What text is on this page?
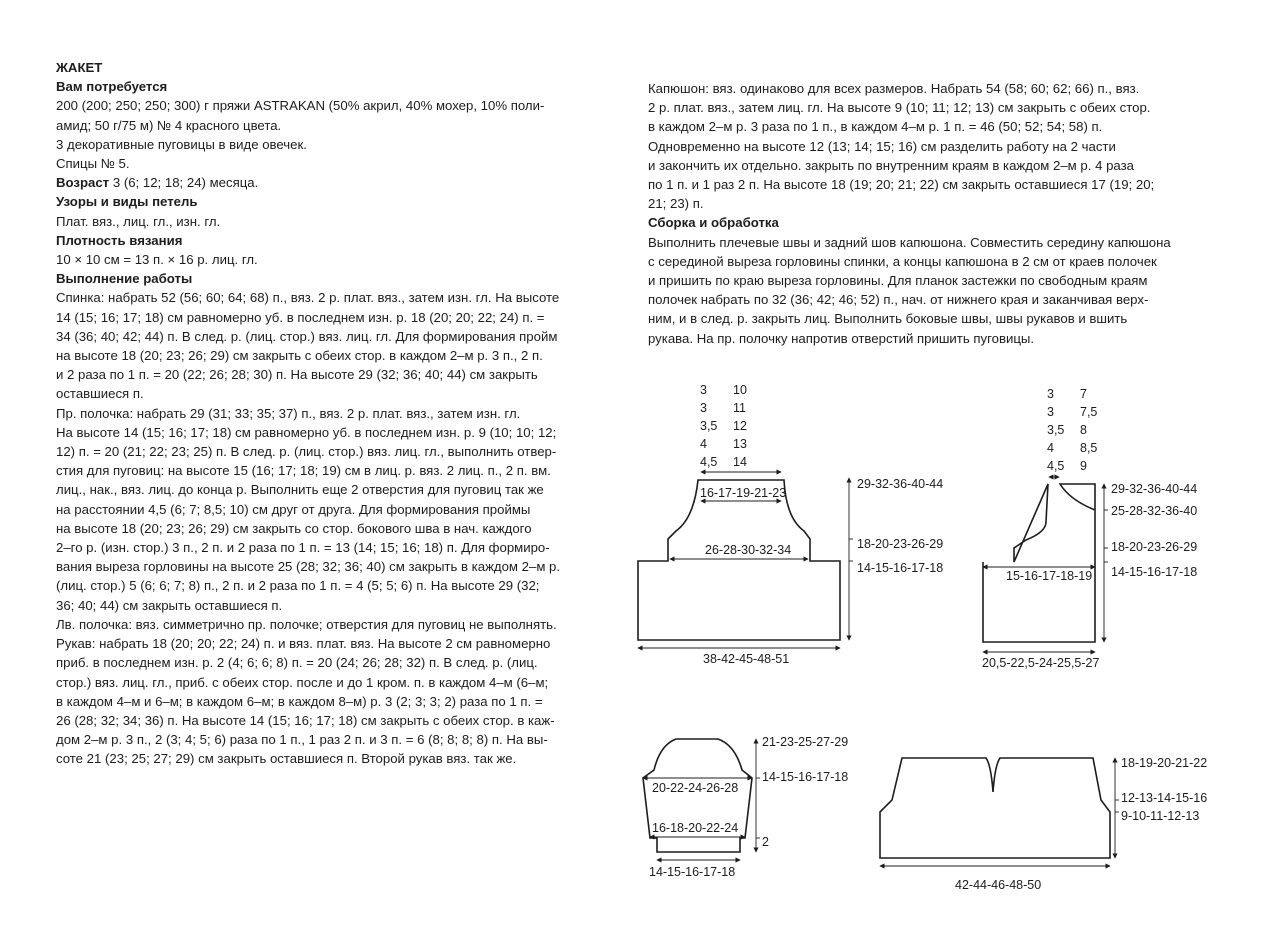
ЖАКЕТ

Вам потребуется

200 (200; 250; 250; 300) г пряжи ASTRAKAN (50% акрил, 40% мохер, 10% поли-

амид; 50 г/75 м) № 4 красного цвета.

3 декоративные пуговицы в виде овечек.

Спицы № 5.

Возраст 3 (6; 12; 18; 24) месяца.

Узоры и виды петель

Плат. вяз., лиц. гл., изн. гл.

Плотность вязания

10 × 10 см = 13 п. × 16 р. лиц. гл.

Выполнение работы

Спинка: набрать 52 (56; 60; 64; 68) п., вяз. 2 р. плат. вяз., затем изн. гл. На высоте

14 (15; 16; 17; 18) см равномерно уб. в последнем изн. р. 18 (20; 20; 22; 24) п. =

34 (36; 40; 42; 44) п. В след. р. (лиц. стор.) вяз. лиц. гл. Для формирования пройм

на высоте 18 (20; 23; 26; 29) см закрыть с обеих стор. в каждом 2–м р. 3 п., 2 п.

и 2 раза по 1 п. = 20 (22; 26; 28; 30) п. На высоте 29 (32; 36; 40; 44) см закрыть

оставшиеся п.

Пр. полочка: набрать 29 (31; 33; 35; 37) п., вяз. 2 р. плат. вяз., затем изн. гл.

На высоте 14 (15; 16; 17; 18) см равномерно уб. в последнем изн. р. 9 (10; 10; 12;

12) п. = 20 (21; 22; 23; 25) п. В след. р. (лиц. стор.) вяз. лиц. гл., выполнить отвер-

стия для пуговиц: на высоте 15 (16; 17; 18; 19) см в лиц. р. вяз. 2 лиц. п., 2 п. вм.

лиц., нак., вяз. лиц. до конца р. Выполнить еще 2 отверстия для пуговиц так же

на расстоянии 4,5 (6; 7; 8,5; 10) см друг от друга. Для формирования проймы

на высоте 18 (20; 23; 26; 29) см закрыть со стор. бокового шва в нач. каждого

2–го р. (изн. стор.) 3 п., 2 п. и 2 раза по 1 п. = 13 (14; 15; 16; 18) п. Для формиро-

вания выреза горловины на высоте 25 (28; 32; 36; 40) см закрыть в каждом 2–м р.

(лиц. стор.) 5 (6; 6; 7; 8) п., 2 п. и 2 раза по 1 п. = 4 (5; 5; 6) п. На высоте 29 (32;

36; 40; 44) см закрыть оставшиеся п.

Лв. полочка: вяз. симметрично пр. полочке; отверстия для пуговиц не выполнять.

Рукав: набрать 18 (20; 20; 22; 24) п. и вяз. плат. вяз. На высоте 2 см равномерно

приб. в последнем изн. р. 2 (4; 6; 6; 8) п. = 20 (24; 26; 28; 32) п. В след. р. (лиц.

стор.) вяз. лиц. гл., приб. с обеих стор. после и до 1 кром. п. в каждом 4–м (6–м;

в каждом 4–м и 6–м; в каждом 6–м; в каждом 8–м) р. 3 (2; 3; 3; 2) раза по 1 п. =

26 (28; 32; 34; 36) п. На высоте 14 (15; 16; 17; 18) см закрыть с обеих стор. в каж-

дом 2–м р. 3 п., 2 (3; 4; 5; 6) раза по 1 п., 1 раз 2 п. и 3 п. = 6 (8; 8; 8; 8) п. На вы-

соте 21 (23; 25; 27; 29) см закрыть оставшиеся п. Второй рукав вяз. так же.

Капюшон: вяз. одинаково для всех размеров. Набрать 54 (58; 60; 62; 66) п., вяз.

2 р. плат. вяз., затем лиц. гл. На высоте 9 (10; 11; 12; 13) см закрыть с обеих стор.

в каждом 2–м р. 3 раза по 1 п., в каждом 4–м р. 1 п. = 46 (50; 52; 54; 58) п.

Одновременно на высоте 12 (13; 14; 15; 16) см разделить работу на 2 части

и закончить их отдельно. закрыть по внутренним краям в каждом 2–м р. 4 раза

по 1 п. и 1 раз 2 п. На высоте 18 (19; 20; 21; 22) см закрыть оставшиеся 17 (19; 20;

21; 23) п.

Сборка и обработка

Выполнить плечевые швы и задний шов капюшона. Совместить середину капюшона

с серединой выреза горловины спинки, а концы капюшона в 2 см от краев полочек

и пришить по краю выреза горловины. Для планок застежки по свободным краям

полочек набрать по 32 (36; 42; 46; 52) п., нач. от нижнего края и заканчивая верх-

ним, и в след. р. закрыть лиц. Выполнить боковые швы, швы рукавов и вшить

рукава. На пр. полочку напротив отверстий пришить пуговицы.

3
3
3,5
4
4,5
10
11
12
13
14
16-17-19-21-23
26-28-30-32-34
38-42-45-48-51
29-32-36-40-44
18-20-23-26-29
14-15-16-17-18
3
3
3,5
4
4,5
7
7,5
8
8,5
9
15-16-17-18-19
20,5-22,5-24-25,5-27
29-32-36-40-44
25-28-32-36-40
18-20-23-26-29
14-15-16-17-18
20-22-24-26-28
16-18-20-22-24
14-15-16-17-18
21-23-25-27-29
14-15-16-17-18
2
42-44-46-48-50
18-19-20-21-22
12-13-14-15-16
9-10-11-12-13
